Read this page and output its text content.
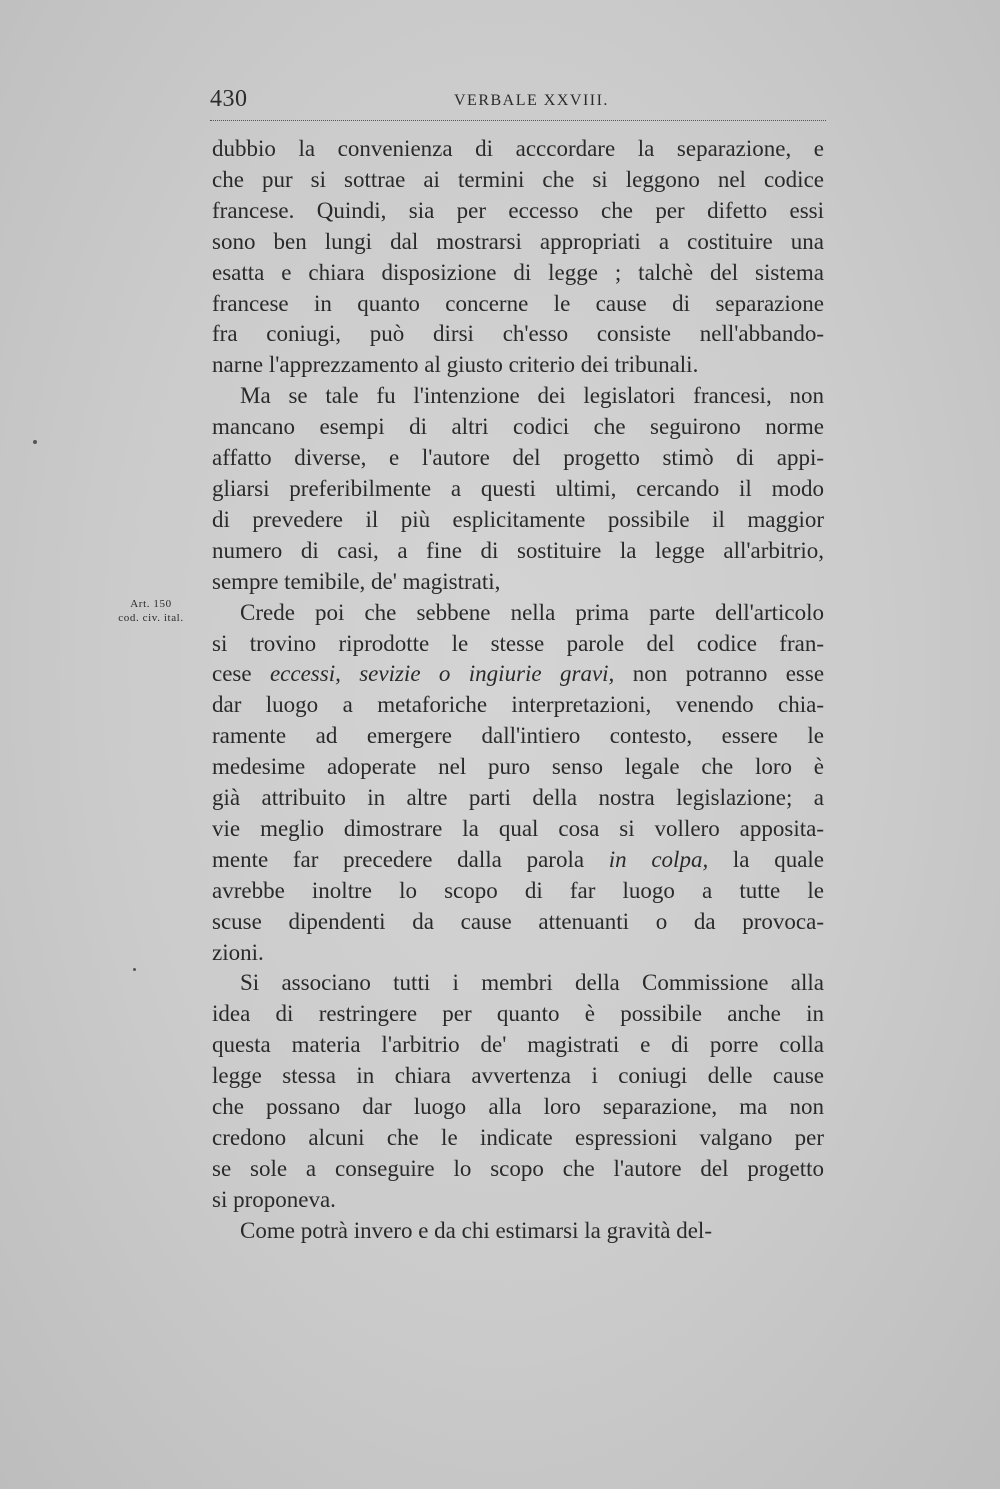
430	VERBALE XXVIII.
Art. 150
cod. civ. ital.

dubbio la convenienza di acccordare la separazione, e

che pur si sottrae ai termini che si leggono nel codice

francese. Quindi, sia per eccesso che per difetto essi

sono ben lungi dal mostrarsi appropriati a costituire una

esatta e chiara disposizione di legge ; talchè del sistema

francese in quanto concerne le cause di separazione

fra coniugi, può dirsi ch'esso consiste nell'abbando-

narne l'apprezzamento al giusto criterio dei tribunali.

Ma se tale fu l'intenzione dei legislatori francesi, non

mancano esempi di altri codici che seguirono norme

affatto diverse, e l'autore del progetto stimò di appi-

gliarsi preferibilmente a questi ultimi, cercando il modo

di prevedere il più esplicitamente possibile il maggior

numero di casi, a fine di sostituire la legge all'arbitrio,

sempre temibile, de' magistrati,

Crede poi che sebbene nella prima parte dell'articolo

si trovino riprodotte le stesse parole del codice fran-

cese eccessi, sevizie o ingiurie gravi, non potranno esse

dar luogo a metaforiche interpretazioni, venendo chia-

ramente ad emergere dall'intiero contesto, essere le

medesime adoperate nel puro senso legale che loro è

già attribuito in altre parti della nostra legislazione; a

vie meglio dimostrare la qual cosa si vollero apposita-

mente far precedere dalla parola in colpa, la quale

avrebbe inoltre lo scopo di far luogo a tutte le

scuse dipendenti da cause attenuanti o da provoca-

zioni.

Si associano tutti i membri della Commissione alla

idea di restringere per quanto è possibile anche in

questa materia l'arbitrio de' magistrati e di porre colla

legge stessa in chiara avvertenza i coniugi delle cause

che possano dar luogo alla loro separazione, ma non

credono alcuni che le indicate espressioni valgano per

se sole a conseguire lo scopo che l'autore del progetto

si proponeva.

Come potrà invero e da chi estimarsi la gravità del-
